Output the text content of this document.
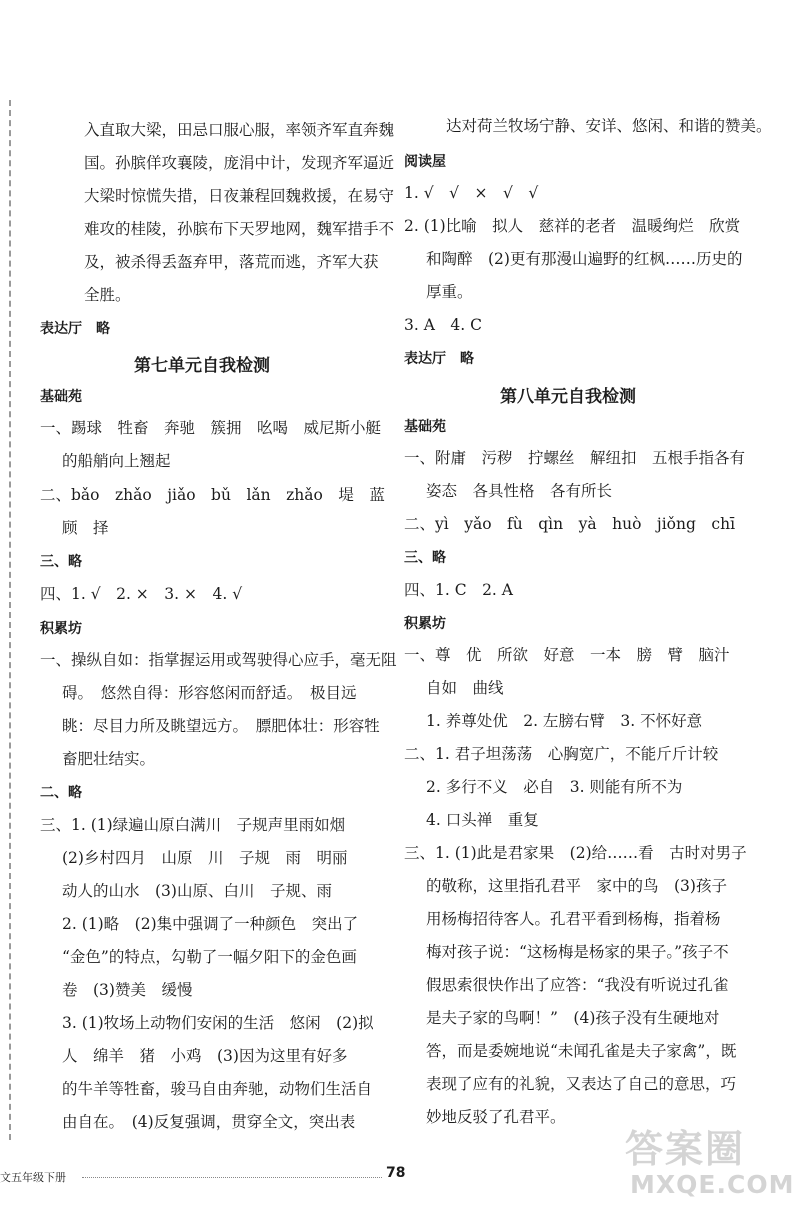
入直取大梁，田忌口服心服，率领齐军直奔魏
国。孙膑佯攻襄陵，庞涓中计，发现齐军逼近
大梁时惊慌失措，日夜兼程回魏救援，在易守
难攻的桂陵，孙膑布下天罗地网，魏军措手不
及，被杀得丢盔弃甲，落荒而逃，齐军大获
全胜。
表达厅　略
第七单元自我检测
基础苑
一、踢球　牲畜　奔驰　簇拥　吆喝　威尼斯小艇
的船艄向上翘起
二、bǎo　zhǎo　jiǎo　bǔ　lǎn　zhǎo　堤　蓝
顾　择
三、略
四、1. √　2. ×　3. ×　4. √
积累坊
一、操纵自如：指掌握运用或驾驶得心应手，毫无阻
碍。　悠然自得：形容悠闲而舒适。　极目远
眺：尽目力所及眺望远方。　膘肥体壮：形容牲
畜肥壮结实。
二、略
三、1. (1)绿遍山原白满川　子规声里雨如烟
(2)乡村四月　山原　川　子规　雨　明丽
动人的山水　(3)山原、白川　子规、雨
2. (1)略　(2)集中强调了一种颜色　突出了
“金色”的特点，勾勒了一幅夕阳下的金色画
卷　(3)赞美　缓慢
3. (1)牧场上动物们安闲的生活　悠闲　(2)拟
人　绵羊　猪　小鸡　(3)因为这里有好多
的牛羊等牲畜，骏马自由奔驰，动物们生活自
由自在。　(4)反复强调，贯穿全文，突出表
达对荷兰牧场宁静、安详、悠闲、和谐的赞美。
阅读屋
1. √　√　×　√　√
2. (1)比喻　拟人　慈祥的老者　温暖绚烂　欣赏
和陶醉　(2)更有那漫山遍野的红枫……历史的
厚重。
3. A　4. C
表达厅　略
第八单元自我检测
基础苑
一、附庸　污秽　拧螺丝　解纽扣　五根手指各有
姿态　各具性格　各有所长
二、yì　yǎo　fù　qìn　yà　huò　jiǒng　chī
三、略
四、1. C　2. A
积累坊
一、尊　优　所欲　好意　一本　膀　臂　脑汁
自如　曲线
1. 养尊处优　2. 左膀右臂　3. 不怀好意
二、1. 君子坦荡荡　心胸宽广，不能斤斤计较
2. 多行不义　必自　3. 则能有所不为
4. 口头禅　重复
三、1. (1)此是君家果　(2)给……看　古时对男子
的敬称，这里指孔君平　家中的鸟　(3)孩子
用杨梅招待客人。孔君平看到杨梅，指着杨
梅对孩子说：“这杨梅是杨家的果子。”孩子不
假思索很快作出了应答：“我没有听说过孔雀
是夫子家的鸟啊！”　(4)孩子没有生硬地对
答，而是委婉地说“未闻孔雀是夫子家禽”，既
表现了应有的礼貌，又表达了自己的意思，巧
妙地反驳了孔君平。
文五年级下册	78
答案圈
MXQE.COM
